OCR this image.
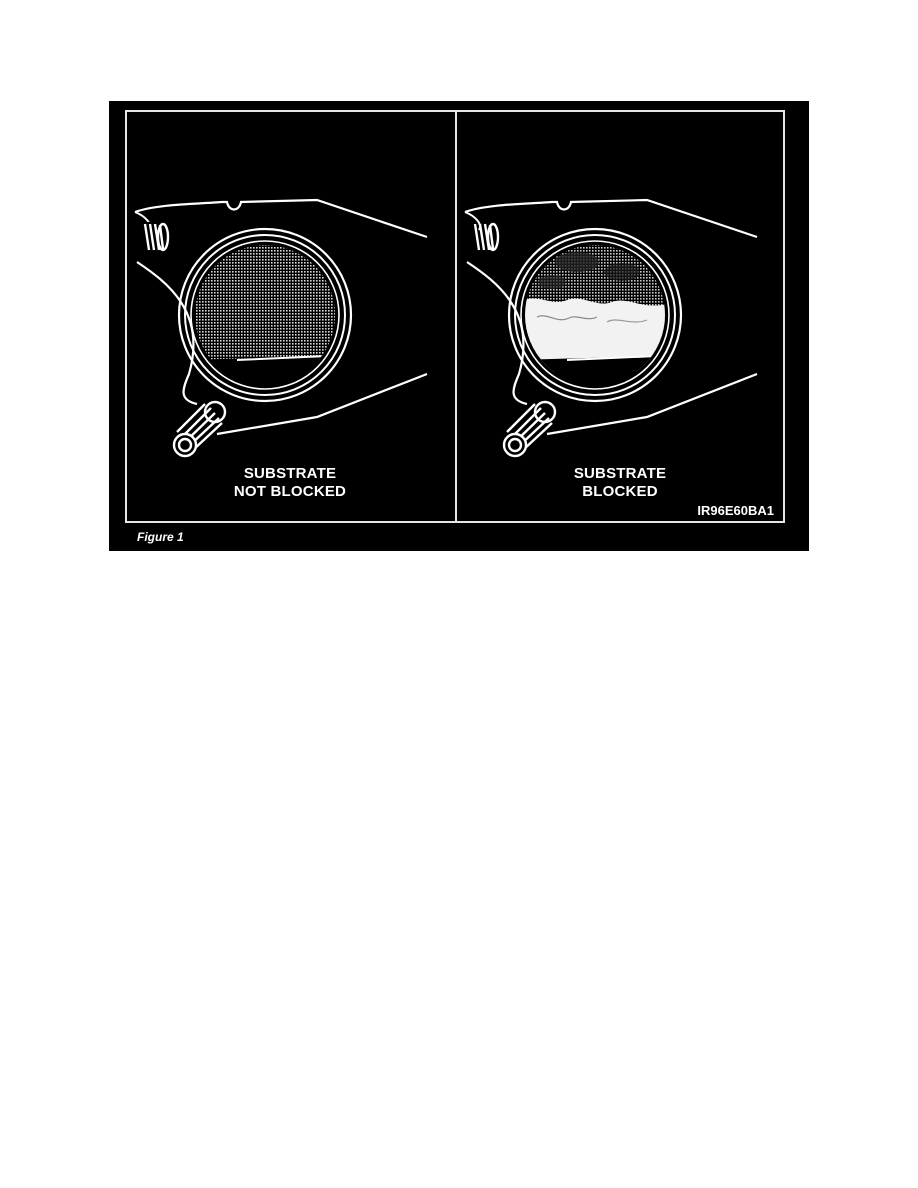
SUBSTRATE
NOT BLOCKED
SUBSTRATE
BLOCKED
IR96E60BA1
Figure 1
